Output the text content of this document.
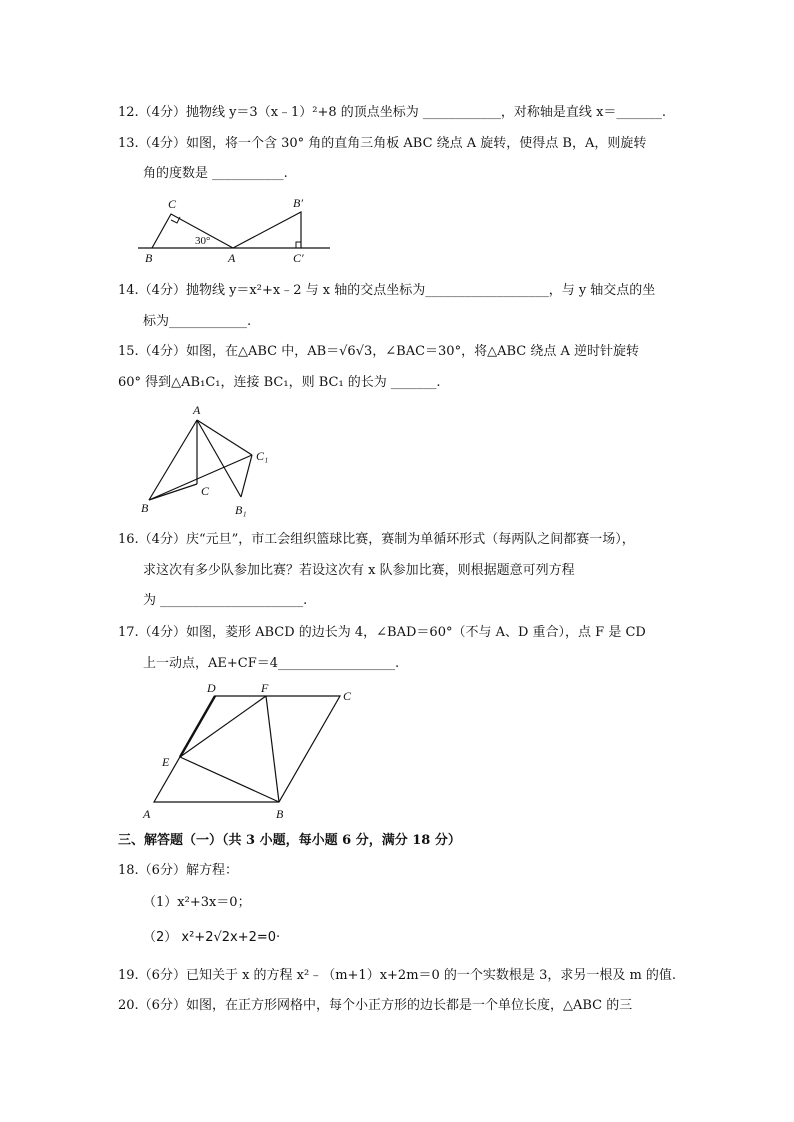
12.（4分）抛物线 y＝3（x﹣1）²+8 的顶点坐标为 ____________，对称轴是直线 x＝_______.
13.（4分）如图，将一个含 30° 角的直角三角板 ABC 绕点 A 旋转，使得点 B，A，则旋转
角的度数是 ___________.
C
B	A
B′
C′
30°
14.（4分）抛物线 y＝x²+x﹣2 与 x 轴的交点坐标为___________________，与 y 轴交点的坐
标为____________.
15.（4分）如图，在△ABC 中，AB＝√6√3，∠BAC＝30°，将△ABC 绕点 A 逆时针旋转
60° 得到△AB₁C₁，连接 BC₁，则 BC₁ 的长为 _______.
A
C₁
C
B	B₁
16.（4分）庆“元旦”，市工会组织篮球比赛，赛制为单循环形式（每两队之间都赛一场），
求这次有多少队参加比赛？若设这次有 x 队参加比赛，则根据题意可列方程
为 ______________________.
17.（4分）如图，菱形 ABCD 的边长为 4，∠BAD＝60°（不与 A、D 重合），点 F 是 CD
上一动点，AE+CF＝4__________________.
D	F
C
E
A	B
三、解答题（一）（共 3 小题，每小题 6 分，满分 18 分）
18.（6分）解方程：
（1）x²+3x＝0；
（2） x²+2√2x+2=0·
19.（6分）已知关于 x 的方程 x²﹣（m+1）x+2m＝0 的一个实数根是 3，求另一根及 m 的值.
20.（6分）如图，在正方形网格中，每个小正方形的边长都是一个单位长度，△ABC 的三
